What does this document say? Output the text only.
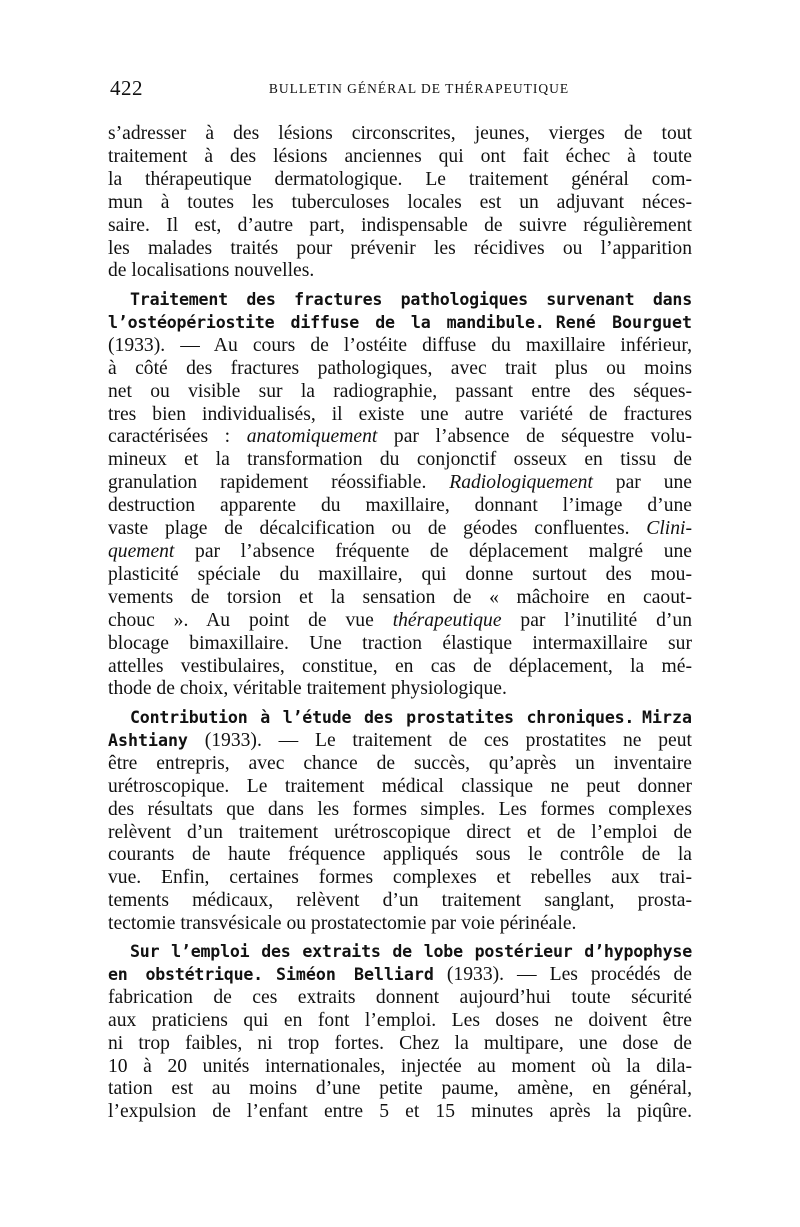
422	BULLETIN GÉNÉRAL DE THÉRAPEUTIQUE
s’adresser à des lésions circonscrites, jeunes, vierges de tout
traitement à des lésions anciennes qui ont fait échec à toute
la thérapeutique dermatologique. Le traitement général com-
mun à toutes les tuberculoses locales est un adjuvant néces-
saire. Il est, d’autre part, indispensable de suivre régulièrement
les malades traités pour prévenir les récidives ou l’apparition
de localisations nouvelles.
Traitement des fractures pathologiques survenant dans
l’ostéopériostite diffuse de la mandibule. René Bourguet
(1933). — Au cours de l’ostéite diffuse du maxillaire inférieur,
à côté des fractures pathologiques, avec trait plus ou moins
net ou visible sur la radiographie, passant entre des séques-
tres bien individualisés, il existe une autre variété de fractures
caractérisées : anatomiquement par l’absence de séquestre volu-
mineux et la transformation du conjonctif osseux en tissu de
granulation rapidement réossifiable. Radiologiquement par une
destruction apparente du maxillaire, donnant l’image d’une
vaste plage de décalcification ou de géodes confluentes. Clini-
quement par l’absence fréquente de déplacement malgré une
plasticité spéciale du maxillaire, qui donne surtout des mou-
vements de torsion et la sensation de « mâchoire en caout-
chouc ». Au point de vue thérapeutique par l’inutilité d’un
blocage bimaxillaire. Une traction élastique intermaxillaire sur
attelles vestibulaires, constitue, en cas de déplacement, la mé-
thode de choix, véritable traitement physiologique.
Contribution à l’étude des prostatites chroniques. Mirza
Ashtiany (1933). — Le traitement de ces prostatites ne peut
être entrepris, avec chance de succès, qu’après un inventaire
urétroscopique. Le traitement médical classique ne peut donner
des résultats que dans les formes simples. Les formes complexes
relèvent d’un traitement urétroscopique direct et de l’emploi de
courants de haute fréquence appliqués sous le contrôle de la
vue. Enfin, certaines formes complexes et rebelles aux trai-
tements médicaux, relèvent d’un traitement sanglant, prosta-
tectomie transvésicale ou prostatectomie par voie périnéale.
Sur l’emploi des extraits de lobe postérieur d’hypophyse
en obstétrique. Siméon Belliard (1933). — Les procédés de
fabrication de ces extraits donnent aujourd’hui toute sécurité
aux praticiens qui en font l’emploi. Les doses ne doivent être
ni trop faibles, ni trop fortes. Chez la multipare, une dose de
10 à 20 unités internationales, injectée au moment où la dila-
tation est au moins d’une petite paume, amène, en général,
l’expulsion de l’enfant entre 5 et 15 minutes après la piqûre.
